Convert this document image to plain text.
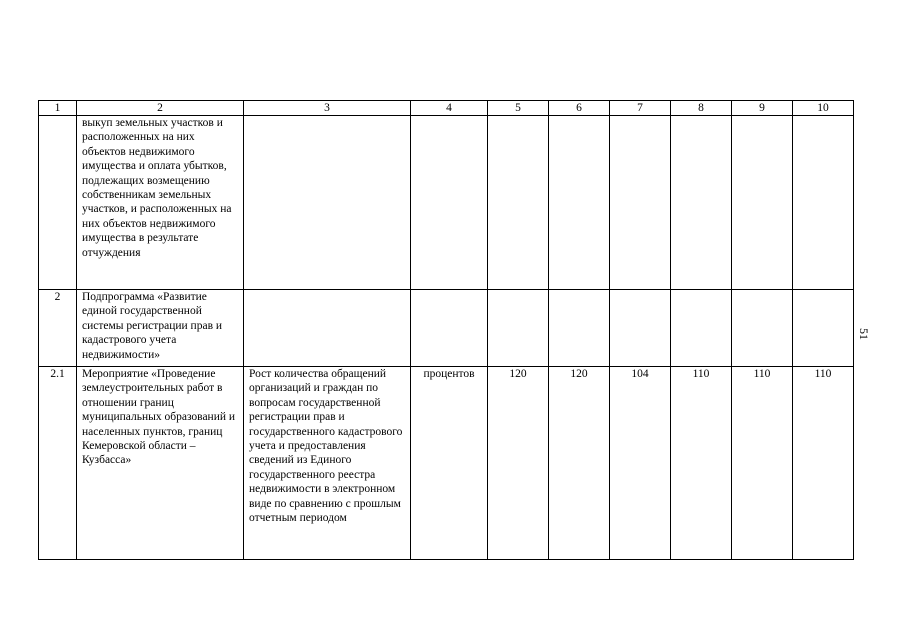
1	2	3	4	5	6	7	8	9	10
	выкуп земельных участков и расположенных на них объектов недвижимого имущества и оплата убытков, подлежащих возмещению собственникам земельных участков, и расположенных на них объектов недвижимого имущества в результате отчуждения								
2	Подпрограмма «Развитие единой государственной системы регистрации прав и кадастрового учета недвижимости»								
2.1	Мероприятие «Проведение землеустроительных работ в отношении границ муниципальных образований и населенных пунктов, границ Кемеровской области – Кузбасса»	Рост количества обращений организаций и граждан по вопросам государственной регистрации прав и государственного кадастрового учета и предоставления сведений из Единого государственного реестра недвижимости в электронном виде по сравнению с прошлым отчетным периодом	процентов	120	120	104	110	110	110
51
